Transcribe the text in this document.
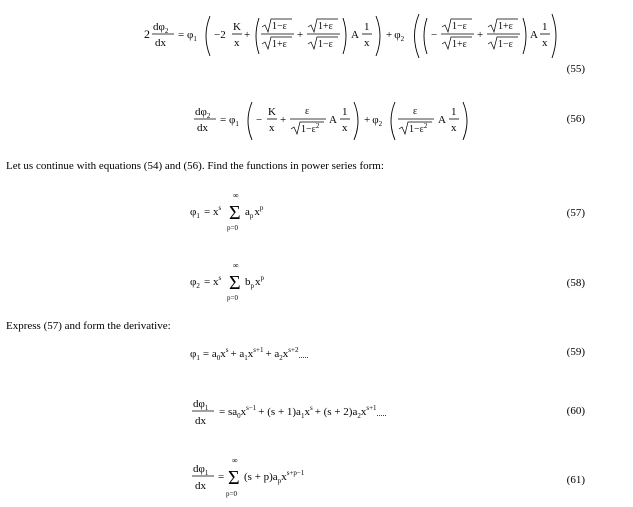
2 $d\varphi_2$
dx
= $\varphi_1 -2$
K
x
+
1−ε
1+ε
+
1+ε
1−ε
A
1
x
+ $\varphi_2$ −
1−ε
1+ε
+
1+ε
1−ε
A
1
x
(55)
$d\varphi_2$
dx
= $\varphi_1$ −
K
x
+
ε
$1-\varepsilon^2$ A
1
x
+ $\varphi_2$
ε
$1-\varepsilon^2$ A
1
x
(56)
Let us continue with equations (54) and (56). Find the functions in power series form:
$\varphi_1 = x^s$
∞
Σ
p=0
$a_px^p$	(57)
$\varphi_2 = x^s$
∞
Σ
p=0
$b_px^p$	(58)
Express (57) and form the derivative:
$\varphi_1 = a_0x^s + a_1x^{s+1} + a_2x^{s+2}_{.....}$	(59)
$d\varphi_1$
dx
= $sa_0x^{s-1} + (s + 1)a_1x^s + (s + 2)a_2x^{s+1}_{.....}$	(60)
$d\varphi_1$
dx
=
∞
Σ
p=0
$(s + p)a_px^{s+p-1}$
(61)
